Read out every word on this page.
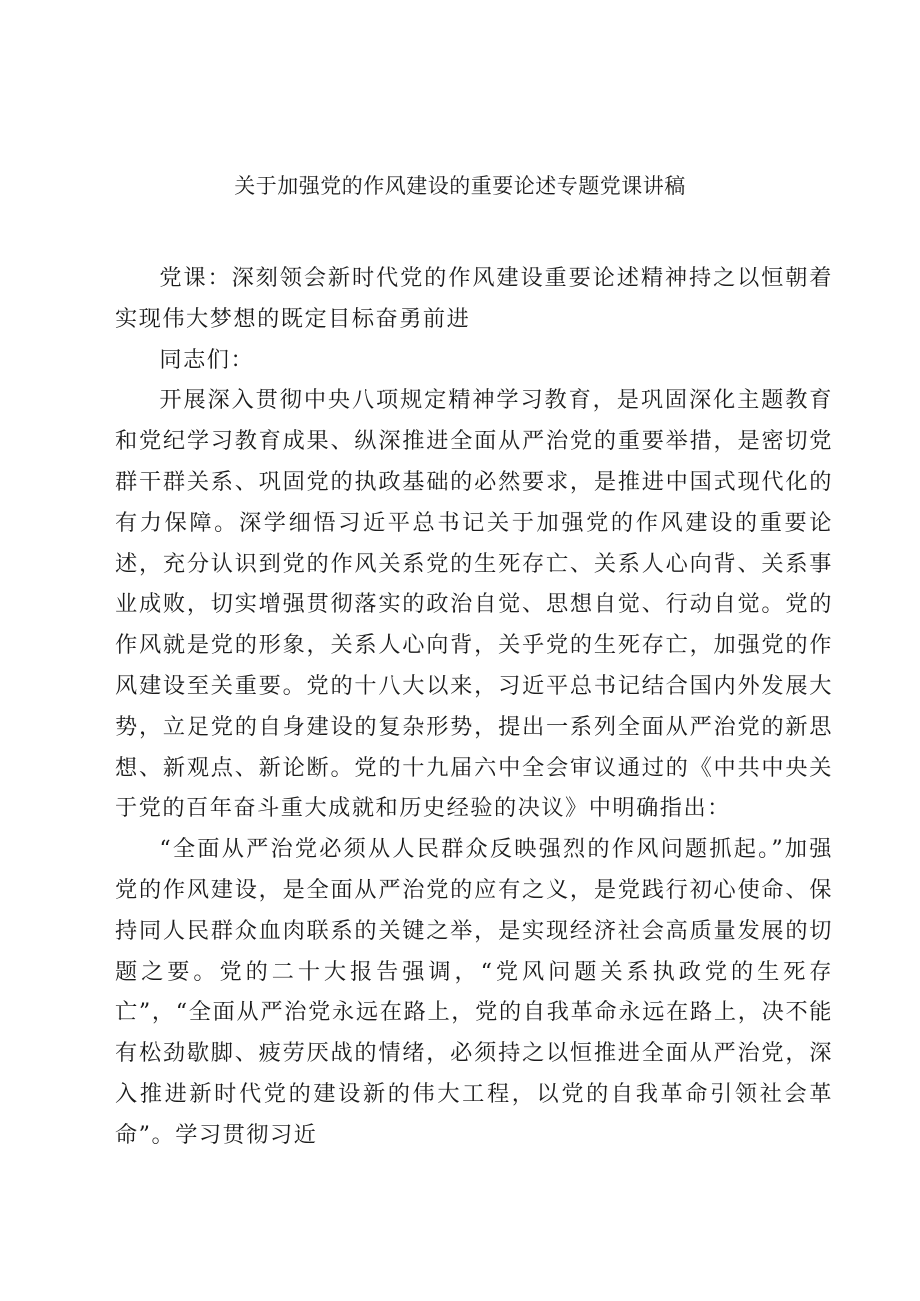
关于加强党的作风建设的重要论述专题党课讲稿

党课：深刻领会新时代党的作风建设重要论述精神持之以恒朝着实现伟大梦想的既定目标奋勇前进

同志们：

开展深入贯彻中央八项规定精神学习教育，是巩固深化主题教育和党纪学习教育成果、纵深推进全面从严治党的重要举措，是密切党群干群关系、巩固党的执政基础的必然要求，是推进中国式现代化的有力保障。深学细悟习近平总书记关于加强党的作风建设的重要论述，充分认识到党的作风关系党的生死存亡、关系人心向背、关系事业成败，切实增强贯彻落实的政治自觉、思想自觉、行动自觉。党的作风就是党的形象，关系人心向背，关乎党的生死存亡，加强党的作风建设至关重要。党的十八大以来，习近平总书记结合国内外发展大势，立足党的自身建设的复杂形势，提出一系列全面从严治党的新思想、新观点、新论断。党的十九届六中全会审议通过的《中共中央关于党的百年奋斗重大成就和历史经验的决议》中明确指出：

“全面从严治党必须从人民群众反映强烈的作风问题抓起。”加强党的作风建设，是全面从严治党的应有之义，是党践行初心使命、保持同人民群众血肉联系的关键之举，是实现经济社会高质量发展的切题之要。党的二十大报告强调，“党风问题关系执政党的生死存亡”，“全面从严治党永远在路上，党的自我革命永远在路上，决不能有松劲歇脚、疲劳厌战的情绪，必须持之以恒推进全面从严治党，深入推进新时代党的建设新的伟大工程，以党的自我革命引领社会革命”。学习贯彻习近
